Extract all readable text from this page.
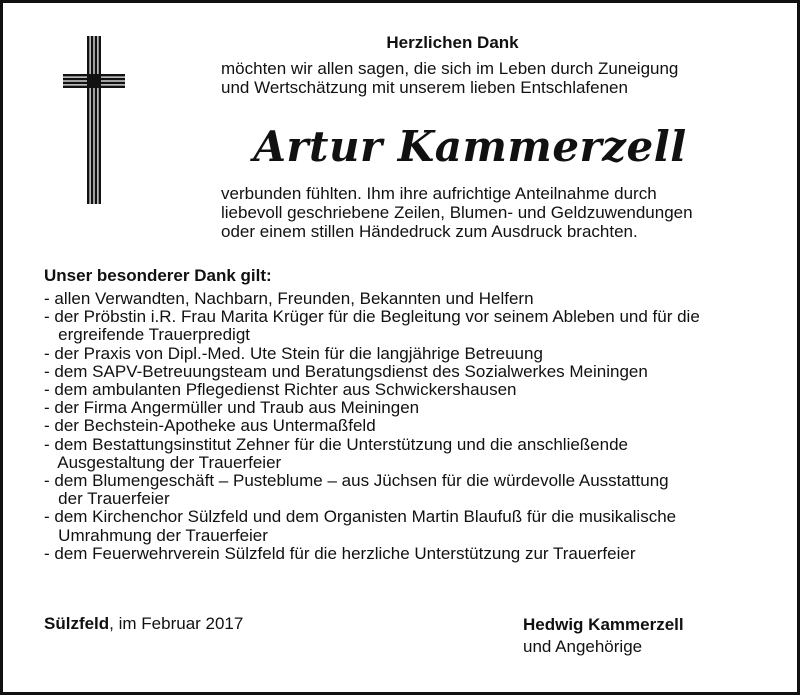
Herzlichen Dank
möchten wir allen sagen, die sich im Leben durch Zuneigung
und Wertschätzung mit unserem lieben Entschlafenen
Artur Kammerzell
verbunden fühlten. Ihm ihre aufrichtige Anteilnahme durch
liebevoll geschriebene Zeilen, Blumen- und Geldzuwendungen
oder einem stillen Händedruck zum Ausdruck brachten.
Unser besonderer Dank gilt:
- allen Verwandten, Nachbarn, Freunden, Bekannten und Helfern
- der Pröbstin i.R. Frau Marita Krüger für die Begleitung vor seinem Ableben und für die
ergreifende Trauerpredigt
- der Praxis von Dipl.-Med. Ute Stein für die langjährige Betreuung
- dem SAPV-Betreuungsteam und Beratungsdienst des Sozialwerkes Meiningen
- dem ambulanten Pflegedienst Richter aus Schwickershausen
- der Firma Angermüller und Traub aus Meiningen
- der Bechstein-Apotheke aus Untermaßfeld
- dem Bestattungsinstitut Zehner für die Unterstützung und die anschließende
Ausgestaltung der Trauerfeier
- dem Blumengeschäft – Pusteblume – aus Jüchsen für die würdevolle Ausstattung
der Trauerfeier
- dem Kirchenchor Sülzfeld und dem Organisten Martin Blaufuß für die musikalische
Umrahmung der Trauerfeier
- dem Feuerwehrverein Sülzfeld für die herzliche Unterstützung zur Trauerfeier
Sülzfeld, im Februar 2017	Hedwig Kammerzell
und Angehörige
